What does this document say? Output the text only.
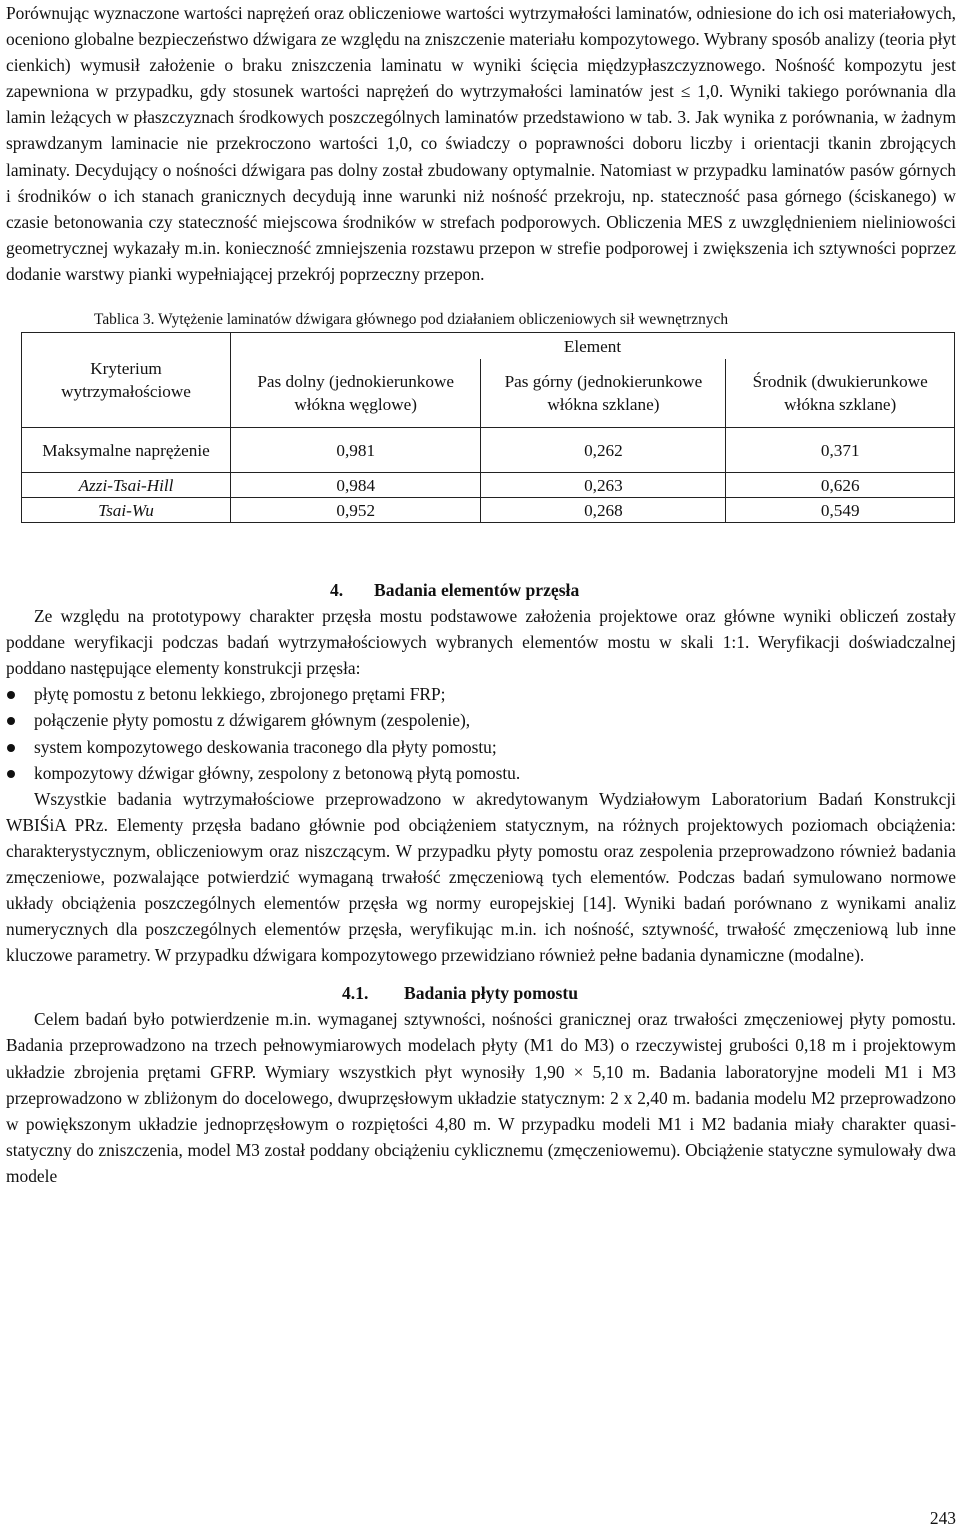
Porównując wyznaczone wartości naprężeń oraz obliczeniowe wartości wytrzymałości laminatów, odniesione do ich osi materiałowych, oceniono globalne bezpieczeństwo dźwigara ze względu na zniszczenie materiału kompozytowego. Wybrany sposób analizy (teoria płyt cienkich) wymusił założenie o braku zniszczenia laminatu w wyniki ścięcia międzypłaszczyznowego. Nośność kompozytu jest zapewniona w przypadku, gdy stosunek wartości naprężeń do wytrzymałości laminatów jest ≤ 1,0. Wyniki takiego porównania dla lamin leżących w płaszczyznach środkowych poszczególnych laminatów przedstawiono w tab. 3. Jak wynika z porównania, w żadnym sprawdzanym laminacie nie przekroczono wartości 1,0, co świadczy o poprawności doboru liczby i orientacji tkanin zbrojących laminaty. Decydujący o nośności dźwigara pas dolny został zbudowany optymalnie. Natomiast w przypadku laminatów pasów górnych i środników o ich stanach granicznych decydują inne warunki niż nośność przekroju, np. stateczność pasa górnego (ściskanego) w czasie betonowania czy stateczność miejscowa środników w strefach podporowych. Obliczenia MES z uwzględnieniem nieliniowości geometrycznej wykazały m.in. konieczność zmniejszenia rozstawu przepon w strefie podporowej i zwiększenia ich sztywności poprzez dodanie warstwy pianki wypełniającej przekrój poprzeczny przepon.

Tablica 3. Wytężenie laminatów dźwigara głównego pod działaniem obliczeniowych sił wewnętrznych
Kryterium wytrzymałościowe	Element		
	Pas dolny (jednokierunkowe włókna węglowe)	Pas górny (jednokierunkowe włókna szklane)	Środnik (dwukierunkowe włókna szklane)
Maksymalne naprężenie	0,981	0,262	0,371
Azzi-Tsai-Hill	0,984	0,263	0,626
Tsai-Wu	0,952	0,268	0,549
4. Badania elementów przęsła

Ze względu na prototypowy charakter przęsła mostu podstawowe założenia projektowe oraz główne wyniki obliczeń zostały poddane weryfikacji podczas badań wytrzymałościowych wybranych elementów mostu w skali 1:1. Weryfikacji doświadczalnej poddano następujące elementy konstrukcji przęsła:

płytę pomostu z betonu lekkiego, zbrojonego prętami FRP;
połączenie płyty pomostu z dźwigarem głównym (zespolenie),
system kompozytowego deskowania traconego dla płyty pomostu;
kompozytowy dźwigar główny, zespolony z betonową płytą pomostu.

Wszystkie badania wytrzymałościowe przeprowadzono w akredytowanym Wydziałowym Laboratorium Badań Konstrukcji WBIŚiA PRz. Elementy przęsła badano głównie pod obciążeniem statycznym, na różnych projektowych poziomach obciążenia: charakterystycznym, obliczeniowym oraz niszczącym. W przypadku płyty pomostu oraz zespolenia przeprowadzono również badania zmęczeniowe, pozwalające potwierdzić wymaganą trwałość zmęczeniową tych elementów. Podczas badań symulowano normowe układy obciążenia poszczególnych elementów przęsła wg normy europejskiej [14]. Wyniki badań porównano z wynikami analiz numerycznych dla poszczególnych elementów przęsła, weryfikując m.in. ich nośność, sztywność, trwałość zmęczeniową lub inne kluczowe parametry. W przypadku dźwigara kompozytowego przewidziano również pełne badania dynamiczne (modalne).

4.1. Badania płyty pomostu

Celem badań było potwierdzenie m.in. wymaganej sztywności, nośności granicznej oraz trwałości zmęczeniowej płyty pomostu. Badania przeprowadzono na trzech pełnowymiarowych modelach płyty (M1 do M3) o rzeczywistej grubości 0,18 m i projektowym układzie zbrojenia prętami GFRP. Wymiary wszystkich płyt wynosiły 1,90 × 5,10 m. Badania laboratoryjne modeli M1 i M3 przeprowadzono w zbliżonym do docelowego, dwuprzęsłowym układzie statycznym: 2 x 2,40 m. badania modelu M2 przeprowadzono w powiększonym układzie jednoprzęsłowym o rozpiętości 4,80 m. W przypadku modeli M1 i M2 badania miały charakter quasi-statyczny do zniszczenia, model M3 został poddany obciążeniu cyklicznemu (zmęczeniowemu). Obciążenie statyczne symulowały dwa modele

243
